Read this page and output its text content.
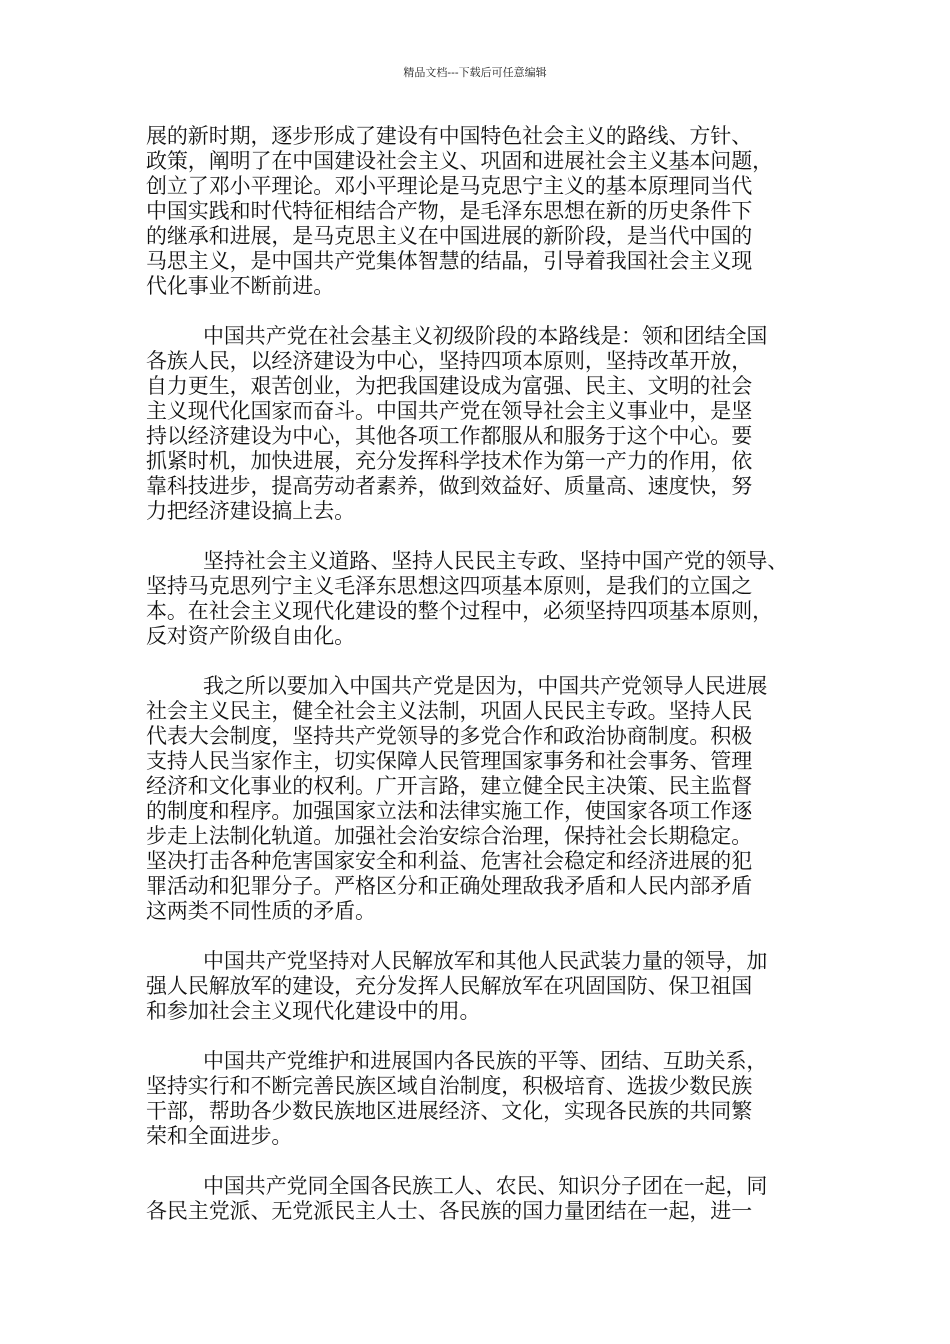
精品文档---下载后可任意编辑

展的新时期，逐步形成了建设有中国特色社会主义的路线、方针、
政策，阐明了在中国建设社会主义、巩固和进展社会主义基本问题，
创立了邓小平理论。邓小平理论是马克思宁主义的基本原理同当代
中国实践和时代特征相结合产物，是毛泽东思想在新的历史条件下
的继承和进展，是马克思主义在中国进展的新阶段，是当代中国的
马思主义，是中国共产党集体智慧的结晶，引导着我国社会主义现
代化事业不断前进。

中国共产党在社会基主义初级阶段的本路线是：领和团结全国
各族人民，以经济建设为中心，坚持四项本原则，坚持改革开放，
自力更生，艰苦创业，为把我国建设成为富强、民主、文明的社会
主义现代化国家而奋斗。中国共产党在领导社会主义事业中，是坚
持以经济建设为中心，其他各项工作都服从和服务于这个中心。要
抓紧时机，加快进展，充分发挥科学技术作为第一产力的作用，依
靠科技进步，提高劳动者素养，做到效益好、质量高、速度快，努
力把经济建设搞上去。

坚持社会主义道路、坚持人民民主专政、坚持中国产党的领导、
坚持马克思列宁主义毛泽东思想这四项基本原则，是我们的立国之
本。在社会主义现代化建设的整个过程中，必须坚持四项基本原则，
反对资产阶级自由化。

我之所以要加入中国共产党是因为，中国共产党领导人民进展
社会主义民主，健全社会主义法制，巩固人民民主专政。坚持人民
代表大会制度，坚持共产党领导的多党合作和政治协商制度。积极
支持人民当家作主，切实保障人民管理国家事务和社会事务、管理
经济和文化事业的权利。广开言路，建立健全民主决策、民主监督
的制度和程序。加强国家立法和法律实施工作，使国家各项工作逐
步走上法制化轨道。加强社会治安综合治理，保持社会长期稳定。
坚决打击各种危害国家安全和利益、危害社会稳定和经济进展的犯
罪活动和犯罪分子。严格区分和正确处理敌我矛盾和人民内部矛盾
这两类不同性质的矛盾。

中国共产党坚持对人民解放军和其他人民武装力量的领导，加
强人民解放军的建设，充分发挥人民解放军在巩固国防、保卫祖国
和参加社会主义现代化建设中的用。

中国共产党维护和进展国内各民族的平等、团结、互助关系，
坚持实行和不断完善民族区域自治制度，积极培育、选拔少数民族
干部，帮助各少数民族地区进展经济、文化，实现各民族的共同繁
荣和全面进步。

中国共产党同全国各民族工人、农民、知识分子团在一起，同
各民主党派、无党派民主人士、各民族的国力量团结在一起，进一
